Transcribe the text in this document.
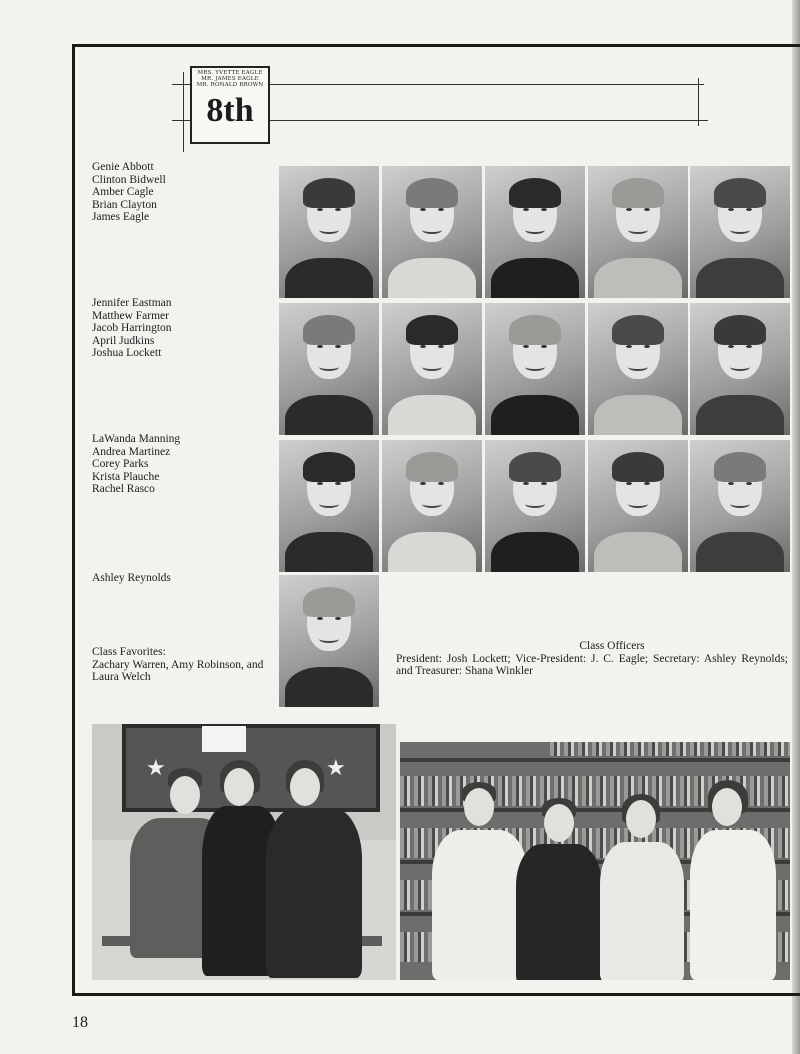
MRS. YVETTE EAGLE
MR. JAMES EAGLE
MR. RONALD BROWN
8th
Genie Abbott
Clinton Bidwell
Amber Cagle
Brian Clayton
James Eagle
Jennifer Eastman
Matthew Farmer
Jacob Harrington
April Judkins
Joshua Lockett
LaWanda Manning
Andrea Martinez
Corey Parks
Krista Plauche
Rachel Rasco
Ashley Reynolds
Class Favorites:
Zachary Warren, Amy Robinson, and Laura Welch
Class Officers
President: Josh Lockett; Vice-President: J. C. Eagle; Secretary: Ashley Reynolds; and Treasurer: Shana Winkler
★	★
18
